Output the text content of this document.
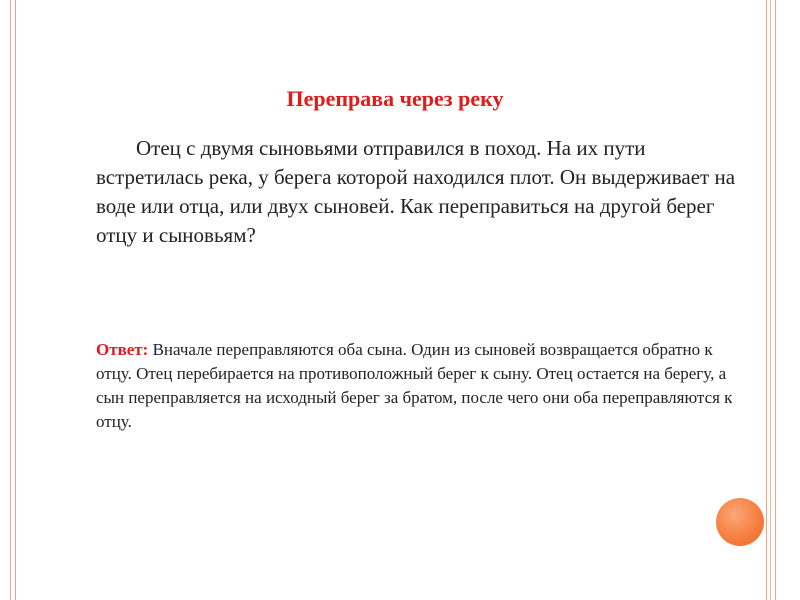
Переправа через реку
Отец с двумя сыновьями отправился в поход. На их пути встретилась река, у берега которой находился плот. Он выдерживает на воде или отца, или двух сыновей. Как переправиться на другой берег отцу и сыновьям?
Ответ: Вначале переправляются оба сына. Один из сыновей возвращается обратно к отцу. Отец перебирается на противоположный берег к сыну. Отец остается на берегу, а сын переправляется на исходный берег за братом, после чего они оба переправляются к отцу.
